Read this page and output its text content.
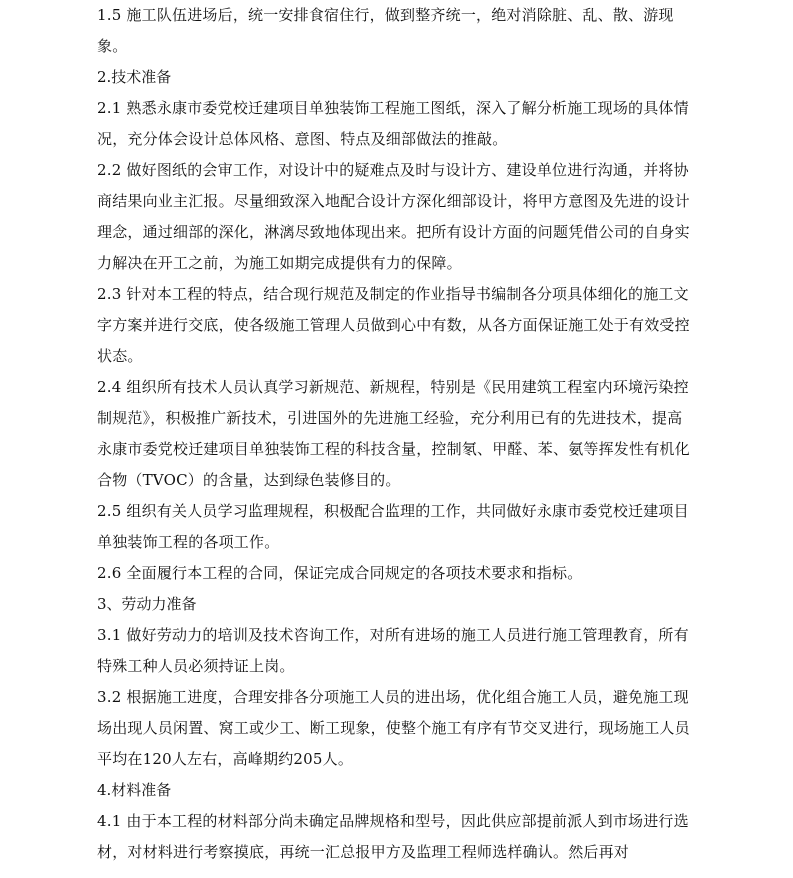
1.5 施工队伍进场后，统一安排食宿住行，做到整齐统一，绝对消除脏、乱、散、游现象。
2.技术准备
2.1 熟悉永康市委党校迁建项目单独装饰工程施工图纸，深入了解分析施工现场的具体情况，充分体会设计总体风格、意图、特点及细部做法的推敲。
2.2 做好图纸的会审工作，对设计中的疑难点及时与设计方、建设单位进行沟通，并将协商结果向业主汇报。尽量细致深入地配合设计方深化细部设计，将甲方意图及先进的设计理念，通过细部的深化，淋漓尽致地体现出来。把所有设计方面的问题凭借公司的自身实力解决在开工之前，为施工如期完成提供有力的保障。
2.3 针对本工程的特点，结合现行规范及制定的作业指导书编制各分项具体细化的施工文字方案并进行交底，使各级施工管理人员做到心中有数，从各方面保证施工处于有效受控状态。
2.4 组织所有技术人员认真学习新规范、新规程，特别是《民用建筑工程室内环境污染控制规范》，积极推广新技术，引进国外的先进施工经验，充分利用已有的先进技术，提高永康市委党校迁建项目单独装饰工程的科技含量，控制氡、甲醛、苯、氨等挥发性有机化合物（TVOC）的含量，达到绿色装修目的。
2.5 组织有关人员学习监理规程，积极配合监理的工作，共同做好永康市委党校迁建项目单独装饰工程的各项工作。
2.6 全面履行本工程的合同，保证完成合同规定的各项技术要求和指标。
3、劳动力准备
3.1 做好劳动力的培训及技术咨询工作，对所有进场的施工人员进行施工管理教育，所有特殊工种人员必须持证上岗。
3.2 根据施工进度，合理安排各分项施工人员的进出场，优化组合施工人员，避免施工现场出现人员闲置、窝工或少工、断工现象，使整个施工有序有节交叉进行，现场施工人员平均在120人左右，高峰期约205人。
4.材料准备
4.1 由于本工程的材料部分尚未确定品牌规格和型号，因此供应部提前派人到市场进行选材，对材料进行考察摸底，再统一汇总报甲方及监理工程师选样确认。然后再对
